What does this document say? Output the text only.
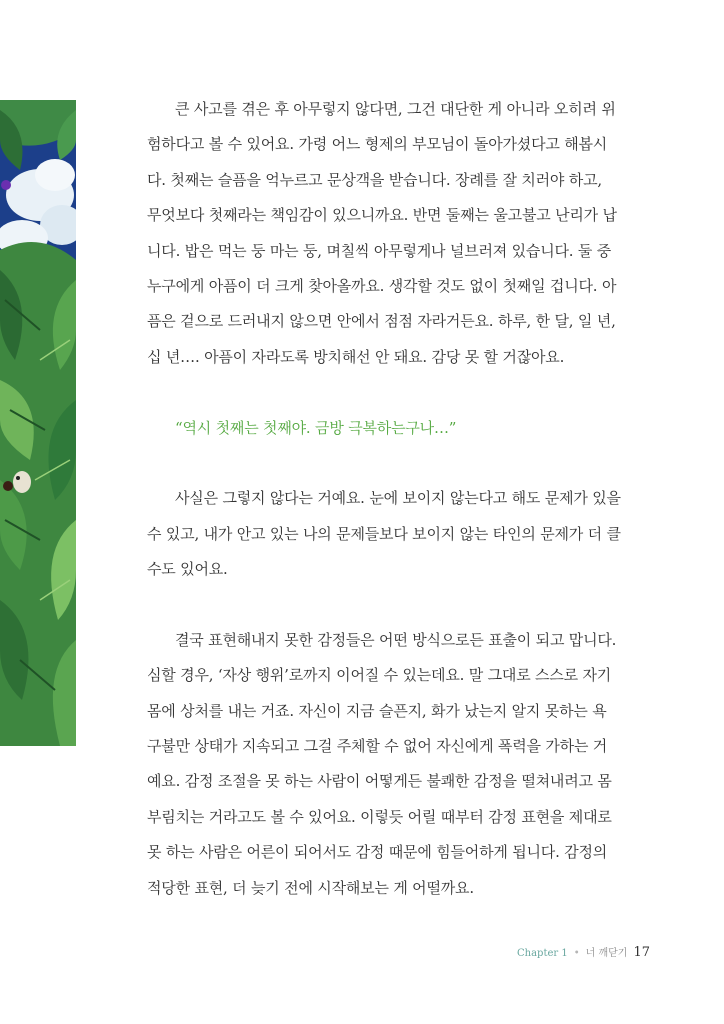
큰 사고를 겪은 후 아무렇지 않다면, 그건 대단한 게 아니라 오히려 위
험하다고 볼 수 있어요. 가령 어느 형제의 부모님이 돌아가셨다고 해봅시
다. 첫째는 슬픔을 억누르고 문상객을 받습니다. 장례를 잘 치러야 하고,
무엇보다 첫째라는 책임감이 있으니까요. 반면 둘째는 울고불고 난리가 납
니다. 밥은 먹는 둥 마는 둥, 며칠씩 아무렇게나 널브러져 있습니다. 둘 중
누구에게 아픔이 더 크게 찾아올까요. 생각할 것도 없이 첫째일 겁니다. 아
픔은 겉으로 드러내지 않으면 안에서 점점 자라거든요. 하루, 한 달, 일 년,
십 년…. 아픔이 자라도록 방치해선 안 돼요. 감당 못 할 거잖아요.
“역시 첫째는 첫째야. 금방 극복하는구나…”
사실은 그렇지 않다는 거예요. 눈에 보이지 않는다고 해도 문제가 있을
수 있고, 내가 안고 있는 나의 문제들보다 보이지 않는 타인의 문제가 더 클
수도 있어요.
결국 표현해내지 못한 감정들은 어떤 방식으로든 표출이 되고 맙니다.
심할 경우, ‘자상 행위’로까지 이어질 수 있는데요. 말 그대로 스스로 자기
몸에 상처를 내는 거죠. 자신이 지금 슬픈지, 화가 났는지 알지 못하는 욕
구불만 상태가 지속되고 그걸 주체할 수 없어 자신에게 폭력을 가하는 거
예요. 감정 조절을 못 하는 사람이 어떻게든 불쾌한 감정을 떨쳐내려고 몸
부림치는 거라고도 볼 수 있어요. 이렇듯 어릴 때부터 감정 표현을 제대로
못 하는 사람은 어른이 되어서도 감정 때문에 힘들어하게 됩니다. 감정의
적당한 표현, 더 늦기 전에 시작해보는 게 어떨까요.
Chapter 1 • 너 깨닫기 17
